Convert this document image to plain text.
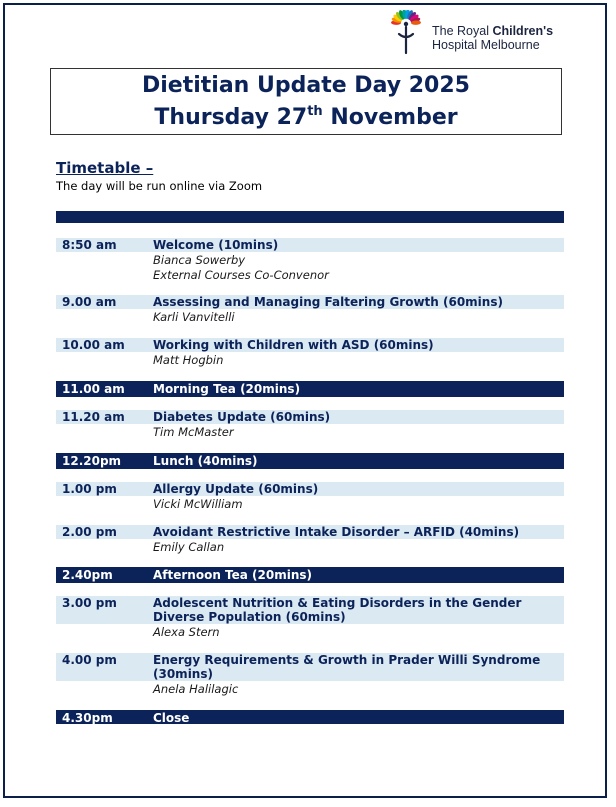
The Royal Children's
Hospital Melbourne
Dietitian Update Day 2025
Thursday 27th November
Timetable –
The day will be run online via Zoom
8:50 am	Welcome (10mins)
Bianca Sowerby
External Courses Co-Convenor
9.00 am	Assessing and Managing Faltering Growth (60mins)
Karli Vanvitelli
10.00 am Working with Children with ASD (60mins)
Matt Hogbin
11.00 am Morning Tea (20mins)
11.20 am Diabetes Update (60mins)
Tim McMaster
12.20pm	Lunch (40mins)
1.00 pm	Allergy Update (60mins)
Vicki McWilliam
2.00 pm	Avoidant Restrictive Intake Disorder – ARFID (40mins)
Emily Callan
2.40pm	Afternoon Tea (20mins)
3.00 pm	Adolescent Nutrition & Eating Disorders in the Gender Diverse Population (60mins)
Alexa Stern
4.00 pm	Energy Requirements & Growth in Prader Willi Syndrome (30mins)
Anela Halilagic
4.30pm	Close
